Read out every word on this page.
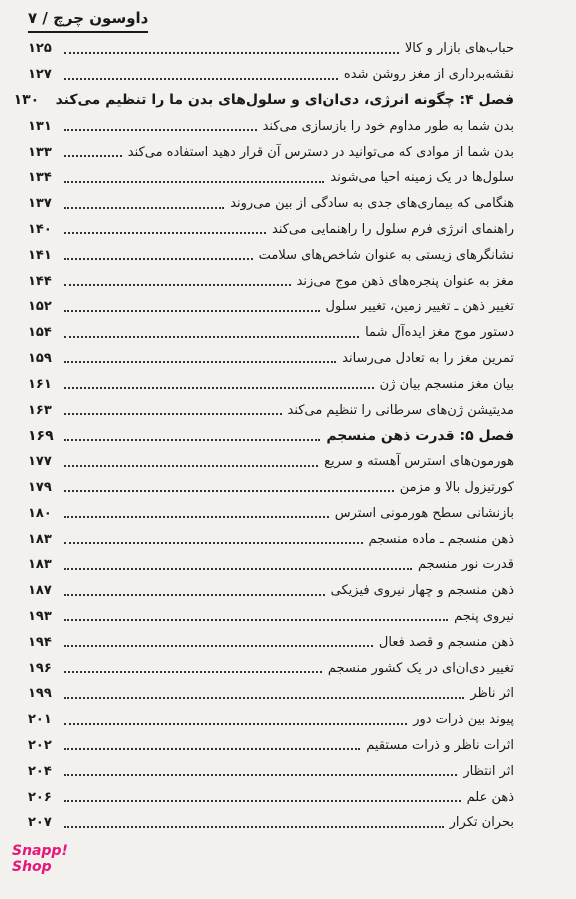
داوسون چرچ / ۷
حباب‌های بازار و کالا
۱۲۵
نقشه‌برداری از مغز روشن شده
۱۲۷
فصل ۴: چگونه انرژی، دی‌ان‌ای و سلول‌های بدن ما را تنظیم می‌کند
۱۳۰
بدن شما به طور مداوم خود را بازسازی می‌کند
۱۳۱
بدن شما از موادی که می‌توانید در دسترس آن قرار دهید استفاده می‌کند
۱۳۳
سلول‌ها در یک زمینه احیا می‌شوند
۱۳۴
هنگامی که بیماری‌های جدی به سادگی از بین می‌روند
۱۳۷
راهنمای انرژی فرم سلول را راهنمایی می‌کند
۱۴۰
نشانگرهای زیستی به عنوان شاخص‌های سلامت
۱۴۱
مغز به عنوان پنجره‌های ذهن موج می‌زند
۱۴۴
تغییر ذهن ـ تغییر زمین، تغییر سلول
۱۵۲
دستور موج مغز ایده‌آل شما
۱۵۴
تمرین مغز را به تعادل می‌رساند
۱۵۹
بیان مغز منسجم بیان ژن
۱۶۱
مدیتیشن ژن‌های سرطانی را تنظیم می‌کند
۱۶۳
فصل ۵: قدرت ذهن منسجم
۱۶۹
هورمون‌های استرس آهسته و سریع
۱۷۷
کورتیزول بالا و مزمن
۱۷۹
بازنشانی سطح هورمونی استرس
۱۸۰
ذهن منسجم ـ ماده منسجم
۱۸۳
قدرت نور منسجم
۱۸۳
ذهن منسجم و چهار نیروی فیزیکی
۱۸۷
نیروی پنجم
۱۹۳
ذهن منسجم و قصد فعال
۱۹۴
تغییر دی‌ان‌ای در یک کشور منسجم
۱۹۶
اثر ناظر
۱۹۹
پیوند بین ذرات دور
۲۰۱
اثرات ناظر و ذرات مستقیم
۲۰۲
اثر انتظار
۲۰۴
ذهن علم
۲۰۶
بحران تکرار
۲۰۷
Snapp!
Shop
